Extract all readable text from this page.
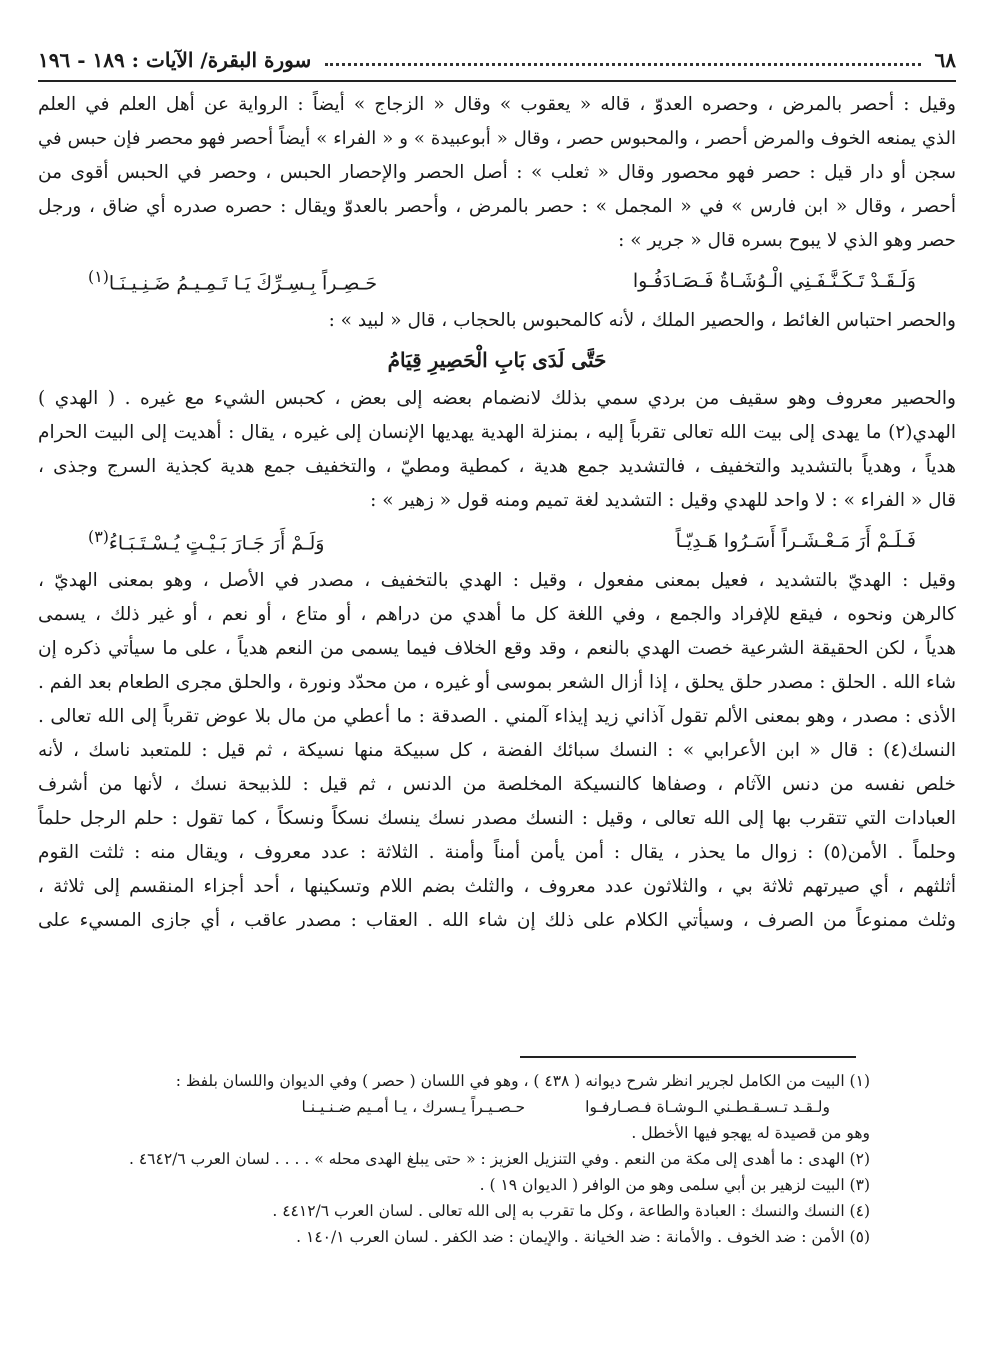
٦٨
سورة البقرة/ الآيات : ١٨٩ - ١٩٦
وقيل : أحصر بالمرض ، وحصره العدوّ ، قاله « يعقوب » وقال « الزجاج » أيضاً : الرواية عن أهل العلم في العلم
الذي يمنعه الخوف والمرض أحصر ، والمحبوس حصر ، وقال « أبوعبيدة » و « الفراء » أيضاً أحصر فهو محصر فإن حبس في
سجن أو دار قيل : حصر فهو محصور وقال « ثعلب » : أصل الحصر والإحصار الحبس ، وحصر في الحبس أقوى من
أحصر ، وقال « ابن فارس » في « المجمل » : حصر بالمرض ، وأحصر بالعدوّ ويقال : حصره صدره أي ضاق ، ورجل
حصر وهو الذي لا يبوح بسره قال « جرير » :
وَلَـقَـدْ تَـكَـنَّـفَـنِي الْـوُشَـاةُ فَـصَـادَفُـوا
حَـصِـراً بِـسِـرِّكَ يَـا تَـمِـيـمُ ضَـنِـيـنَـا$^{(١)}$
والحصر احتباس الغائط ، والحصير الملك ، لأنه كالمحبوس بالحجاب ، قال « لبيد » :
حَتَّى لَدَى بَابِ الْحَصِيرِ قِيَامُ
والحصير معروف وهو سقيف من بردي سمي بذلك لانضمام بعضه إلى بعض ، كحبس الشيء مع غيره . ( الهدي )
الهدي(٢) ما يهدى إلى بيت الله تعالى تقرباً إليه ، بمنزلة الهدية يهديها الإنسان إلى غيره ، يقال : أهديت إلى البيت الحرام
هدياً ، وهدياً بالتشديد والتخفيف ، فالتشديد جمع هدية ، كمطية ومطيّ ، والتخفيف جمع هدية كجذية السرج وجذى ،
قال « الفراء » : لا واحد للهدي وقيل : التشديد لغة تميم ومنه قول « زهير » :
فَـلَـمْ أَرَ مَـعْـشَـراً أَسَـرُوا هَـدِيّـاً
وَلَـمْ أَرَ جَـارَ بَـيْـتٍ يُـسْـتَـبَـاءُ$^{(٣)}$
وقيل : الهديّ بالتشديد ، فعيل بمعنى مفعول ، وقيل : الهدي بالتخفيف ، مصدر في الأصل ، وهو بمعنى الهديّ ،
كالرهن ونحوه ، فيقع للإفراد والجمع ، وفي اللغة كل ما أهدي من دراهم ، أو متاع ، أو نعم ، أو غير ذلك ، يسمى
هدياً ، لكن الحقيقة الشرعية خصت الهدي بالنعم ، وقد وقع الخلاف فيما يسمى من النعم هدياً ، على ما سيأتي ذكره إن
شاء الله . الحلق : مصدر حلق يحلق ، إذا أزال الشعر بموسى أو غيره ، من محدّد ونورة ، والحلق مجرى الطعام بعد الفم .
الأذى : مصدر ، وهو بمعنى الألم تقول آذاني زيد إيذاء آلمني . الصدقة : ما أعطي من مال بلا عوض تقرباً إلى الله تعالى .
النسك(٤) : قال « ابن الأعرابي » : النسك سبائك الفضة ، كل سبيكة منها نسيكة ، ثم قيل : للمتعبد ناسك ، لأنه
خلص نفسه من دنس الآثام ، وصفاها كالنسيكة المخلصة من الدنس ، ثم قيل : للذبيحة نسك ، لأنها من أشرف
العبادات التي تتقرب بها إلى الله تعالى ، وقيل : النسك مصدر نسك ينسك نسكاً ونسكاً ، كما تقول : حلم الرجل حلماً
وحلماً . الأمن(٥) : زوال ما يحذر ، يقال : أمن يأمن أمناً وأمنة . الثلاثة : عدد معروف ، ويقال منه : ثلثت القوم
أثلثهم ، أي صيرتهم ثلاثة بي ، والثلاثون عدد معروف ، والثلث بضم اللام وتسكينها ، أحد أجزاء المنقسم إلى ثلاثة ،
وثلث ممنوعاً من الصرف ، وسيأتي الكلام على ذلك إن شاء الله . العقاب : مصدر عاقب ، أي جازى المسيء على
(١) البيت من الكامل لجرير انظر شرح ديوانه ( ٤٣٨ ) ، وهو في اللسان ( حصر ) وفي الديوان واللسان بلفظ :
ولـقـد تـسـقـطـني الـوشـاة فـصـارفـوا
حـصـيـراً يـسرك ، يـا أمـيم ضـنـيـنـا
وهو من قصيدة له يهجو فيها الأخطل .
(٢) الهدى : ما أهدى إلى مكة من النعم . وفي التنزيل العزيز : « حتى يبلغ الهدى محله » . . . . لسان العرب ٤٦٤٢/٦ .
(٣) البيت لزهير بن أبي سلمى وهو من الوافر ( الديوان ١٩ ) .
(٤) النسك والنسك : العبادة والطاعة ، وكل ما تقرب به إلى الله تعالى . لسان العرب ٤٤١٢/٦ .
(٥) الأمن : ضد الخوف . والأمانة : ضد الخيانة . والإيمان : ضد الكفر . لسان العرب ١٤٠/١ .
